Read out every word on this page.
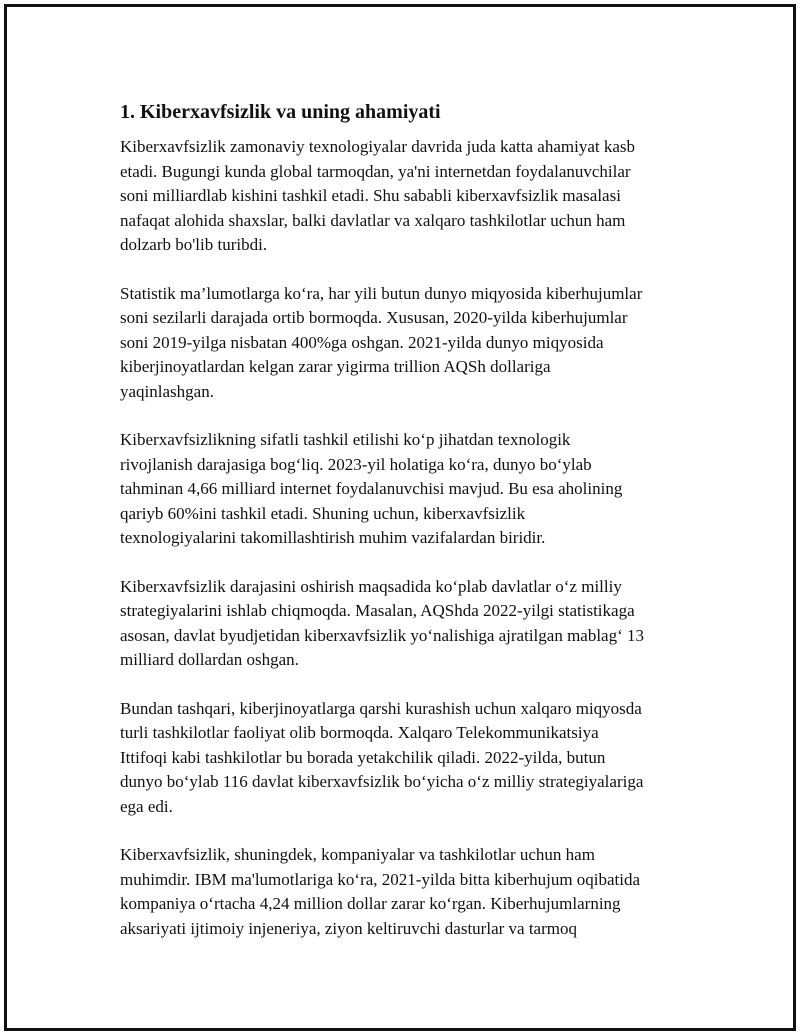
1. Kiberxavfsizlik va uning ahamiyati
Kiberxavfsizlik zamonaviy texnologiyalar davrida juda katta ahamiyat kasb
etadi. Bugungi kunda global tarmoqdan, ya'ni internetdan foydalanuvchilar
soni milliardlab kishini tashkil etadi. Shu sababli kiberxavfsizlik masalasi
nafaqat alohida shaxslar, balki davlatlar va xalqaro tashkilotlar uchun ham
dolzarb bo'lib turibdi.
Statistik ma’lumotlarga ko‘ra, har yili butun dunyo miqyosida kiberhujumlar
soni sezilarli darajada ortib bormoqda. Xususan, 2020-yilda kiberhujumlar
soni 2019-yilga nisbatan 400%ga oshgan. 2021-yilda dunyo miqyosida
kiberjinoyatlardan kelgan zarar yigirma trillion AQSh dollariga
yaqinlashgan.
Kiberxavfsizlikning sifatli tashkil etilishi ko‘p jihatdan texnologik
rivojlanish darajasiga bog‘liq. 2023-yil holatiga ko‘ra, dunyo bo‘ylab
tahminan 4,66 milliard internet foydalanuvchisi mavjud. Bu esa aholining
qariyb 60%ini tashkil etadi. Shuning uchun, kiberxavfsizlik
texnologiyalarini takomillashtirish muhim vazifalardan biridir.
Kiberxavfsizlik darajasini oshirish maqsadida ko‘plab davlatlar o‘z milliy
strategiyalarini ishlab chiqmoqda. Masalan, AQShda 2022-yilgi statistikaga
asosan, davlat byudjetidan kiberxavfsizlik yo‘nalishiga ajratilgan mablag‘ 13
milliard dollardan oshgan.
Bundan tashqari, kiberjinoyatlarga qarshi kurashish uchun xalqaro miqyosda
turli tashkilotlar faoliyat olib bormoqda. Xalqaro Telekommunikatsiya
Ittifoqi kabi tashkilotlar bu borada yetakchilik qiladi. 2022-yilda, butun
dunyo bo‘ylab 116 davlat kiberxavfsizlik bo‘yicha o‘z milliy strategiyalariga
ega edi.
Kiberxavfsizlik, shuningdek, kompaniyalar va tashkilotlar uchun ham
muhimdir. IBM ma'lumotlariga ko‘ra, 2021-yilda bitta kiberhujum oqibatida
kompaniya o‘rtacha 4,24 million dollar zarar ko‘rgan. Kiberhujumlarning
aksariyati ijtimoiy injeneriya, ziyon keltiruvchi dasturlar va tarmoq
